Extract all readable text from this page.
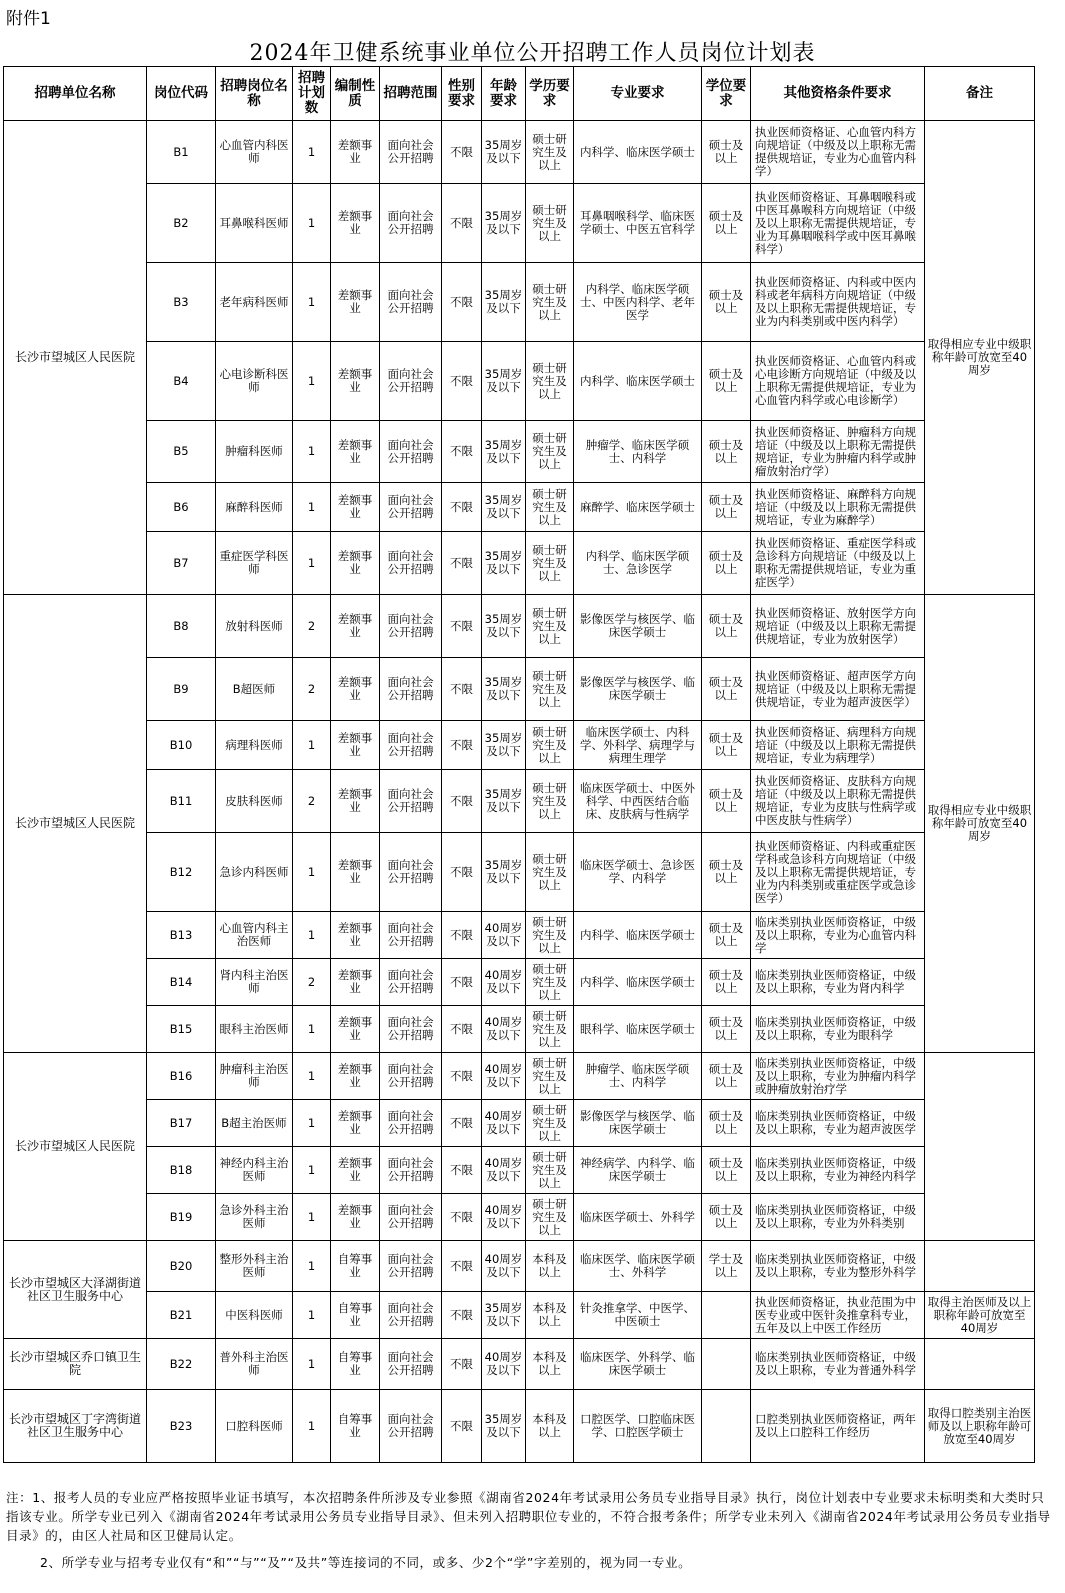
附件1
2024年卫健系统事业单位公开招聘工作人员岗位计划表
招聘单位名称	岗位代码	招聘岗位名称	招聘计划数	编制性质	招聘范围	性别要求	年龄要求	学历要求	专业要求	学位要求	其他资格条件要求	备注
长沙市望城区人民医院	B1	心血管内科医师	1	差额事业	面向社会公开招聘	不限	35周岁及以下	硕士研究生及以上	内科学、临床医学硕士	硕士及以上	执业医师资格证、心血管内科方向规培证（中级及以上职称无需提供规培证，专业为心血管内科学）	取得相应专业中级职称年龄可放宽至40周岁
	B2	耳鼻喉科医师	1	差额事业	面向社会公开招聘	不限	35周岁及以下	硕士研究生及以上	耳鼻咽喉科学、临床医学硕士、中医五官科学	硕士及以上	执业医师资格证、耳鼻咽喉科或中医耳鼻喉科方向规培证（中级及以上职称无需提供规培证，专业为耳鼻咽喉科学或中医耳鼻喉科学）	
	B3	老年病科医师	1	差额事业	面向社会公开招聘	不限	35周岁及以下	硕士研究生及以上	内科学、临床医学硕士、中医内科学、老年医学	硕士及以上	执业医师资格证、内科或中医内科或老年病科方向规培证（中级及以上职称无需提供规培证，专业为内科类别或中医内科学）	
	B4	心电诊断科医师	1	差额事业	面向社会公开招聘	不限	35周岁及以下	硕士研究生及以上	内科学、临床医学硕士	硕士及以上	执业医师资格证、心血管内科或心电诊断方向规培证（中级及以上职称无需提供规培证，专业为心血管内科学或心电诊断学）	
	B5	肿瘤科医师	1	差额事业	面向社会公开招聘	不限	35周岁及以下	硕士研究生及以上	肿瘤学、临床医学硕士、内科学	硕士及以上	执业医师资格证、肿瘤科方向规培证（中级及以上职称无需提供规培证，专业为肿瘤内科学或肿瘤放射治疗学）	
	B6	麻醉科医师	1	差额事业	面向社会公开招聘	不限	35周岁及以下	硕士研究生及以上	麻醉学、临床医学硕士	硕士及以上	执业医师资格证、麻醉科方向规培证（中级及以上职称无需提供规培证，专业为麻醉学）	
	B7	重症医学科医师	1	差额事业	面向社会公开招聘	不限	35周岁及以下	硕士研究生及以上	内科学、临床医学硕士、急诊医学	硕士及以上	执业医师资格证、重症医学科或急诊科方向规培证（中级及以上职称无需提供规培证，专业为重症医学）	
长沙市望城区人民医院	B8	放射科医师	2	差额事业	面向社会公开招聘	不限	35周岁及以下	硕士研究生及以上	影像医学与核医学、临床医学硕士	硕士及以上	执业医师资格证、放射医学方向规培证（中级及以上职称无需提供规培证，专业为放射医学）	取得相应专业中级职称年龄可放宽至40周岁
	B9	B超医师	2	差额事业	面向社会公开招聘	不限	35周岁及以下	硕士研究生及以上	影像医学与核医学、临床医学硕士	硕士及以上	执业医师资格证、超声医学方向规培证（中级及以上职称无需提供规培证，专业为超声波医学）	
	B10	病理科医师	1	差额事业	面向社会公开招聘	不限	35周岁及以下	硕士研究生及以上	临床医学硕士、内科学、外科学、病理学与病理生理学	硕士及以上	执业医师资格证、病理科方向规培证（中级及以上职称无需提供规培证，专业为病理学）	
	B11	皮肤科医师	2	差额事业	面向社会公开招聘	不限	35周岁及以下	硕士研究生及以上	临床医学硕士、中医外科学、中西医结合临床、皮肤病与性病学	硕士及以上	执业医师资格证、皮肤科方向规培证（中级及以上职称无需提供规培证，专业为皮肤与性病学或中医皮肤与性病学）	
	B12	急诊内科医师	1	差额事业	面向社会公开招聘	不限	35周岁及以下	硕士研究生及以上	临床医学硕士、急诊医学、内科学	硕士及以上	执业医师资格证、内科或重症医学科或急诊科方向规培证（中级及以上职称无需提供规培证，专业为内科类别或重症医学或急诊医学）	
	B13	心血管内科主治医师	1	差额事业	面向社会公开招聘	不限	40周岁及以下	硕士研究生及以上	内科学、临床医学硕士	硕士及以上	临床类别执业医师资格证，中级及以上职称，专业为心血管内科学	
	B14	肾内科主治医师	2	差额事业	面向社会公开招聘	不限	40周岁及以下	硕士研究生及以上	内科学、临床医学硕士	硕士及以上	临床类别执业医师资格证，中级及以上职称，专业为肾内科学	
	B15	眼科主治医师	1	差额事业	面向社会公开招聘	不限	40周岁及以下	硕士研究生及以上	眼科学、临床医学硕士	硕士及以上	临床类别执业医师资格证，中级及以上职称，专业为眼科学	
长沙市望城区人民医院	B16	肿瘤科主治医师	1	差额事业	面向社会公开招聘	不限	40周岁及以下	硕士研究生及以上	肿瘤学、临床医学硕士、内科学	硕士及以上	临床类别执业医师资格证，中级及以上职称，专业为肿瘤内科学或肿瘤放射治疗学	
	B17	B超主治医师	1	差额事业	面向社会公开招聘	不限	40周岁及以下	硕士研究生及以上	影像医学与核医学、临床医学硕士	硕士及以上	临床类别执业医师资格证，中级及以上职称，专业为超声波医学	
	B18	神经内科主治医师	1	差额事业	面向社会公开招聘	不限	40周岁及以下	硕士研究生及以上	神经病学、内科学、临床医学硕士	硕士及以上	临床类别执业医师资格证，中级及以上职称，专业为神经内科学	
	B19	急诊外科主治医师	1	差额事业	面向社会公开招聘	不限	40周岁及以下	硕士研究生及以上	临床医学硕士、外科学	硕士及以上	临床类别执业医师资格证，中级及以上职称，专业为外科类别	
长沙市望城区大泽湖街道社区卫生服务中心	B20	整形外科主治医师	1	自筹事业	面向社会公开招聘	不限	40周岁及以下	本科及以上	临床医学、临床医学硕士、外科学	学士及以上	临床类别执业医师资格证，中级及以上职称，专业为整形外科学	
	B21	中医科医师	1	自筹事业	面向社会公开招聘	不限	35周岁及以下	本科及以上	针灸推拿学、中医学、中医硕士		执业医师资格证，执业范围为中医专业或中医针灸推拿科专业，五年及以上中医工作经历	取得主治医师及以上职称年龄可放宽至40周岁
长沙市望城区乔口镇卫生院	B22	普外科主治医师	1	自筹事业	面向社会公开招聘	不限	40周岁及以下	本科及以上	临床医学、外科学、临床医学硕士		临床类别执业医师资格证，中级及以上职称，专业为普通外科学	
长沙市望城区丁字湾街道社区卫生服务中心	B23	口腔科医师	1	自筹事业	面向社会公开招聘	不限	35周岁及以下	本科及以上	口腔医学、口腔临床医学、口腔医学硕士		口腔类别执业医师资格证，两年及以上口腔科工作经历	取得口腔类别主治医师及以上职称年龄可放宽至40周岁

注：1、报考人员的专业应严格按照毕业证书填写，本次招聘条件所涉及专业参照《湖南省2024年考试录用公务员专业指导目录》执行，岗位计划表中专业要求未标明类和大类时只指该专业。所学专业已列入《湖南省2024年考试录用公务员专业指导目录》、但未列入招聘职位专业的，不符合报考条件；所学专业未列入《湖南省2024年考试录用公务员专业指导目录》的，由区人社局和区卫健局认定。

2、所学专业与招考专业仅有“和”“与”“及”“及共”等连接词的不同，或多、少2个“学”字差别的，视为同一专业。
